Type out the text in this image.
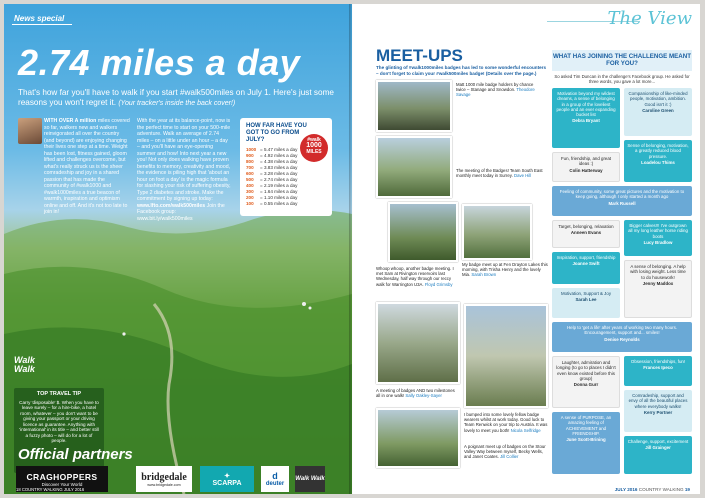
News special
2.74 miles a day
That's how far you'll have to walk if you start #walk500miles on July 1. Here's just some reasons you won't regret it. (Your tracker's inside the back cover!)
WITH OVER A million miles covered so far, walkers new and walkers reinvigorated all over the country (and beyond) are enjoying changing their lives one step at a time. Weight has been lost, fitness gained, gloom lifted and challenges overcome, but what's really struck us is the sheer comradeship and joy in a shared passion that has made the community of #walk1000 and #walk1000miles a true beacon of warmth, inspiration and optimism online and off. And it's not too late to join in!
With the year at its balance-point, now is the perfect time to start on your 500-mile adventure. Walk an average of 2.74 miles – on a little under an hour – a day – and you'll have an eye-opening summer and how! Into next year a new you! Not only does walking have proven benefits to memory, creativity and mood, the evidence is piling high that 'about an hour on foot a day' is the magic formula for slashing your risk of suffering obesity, Type 2 diabetes and stroke. Make the commitment by signing up today: www.lfto.com/walk500miles Join the Facebook group: www.bit.ly/walk500miles
HOW FAR HAVE YOU GOT TO GO FROM JULY?	#walk
1000
MILES
1000 = 5.47 miles a day
900 = 4.92 miles a day
800 = 4.38 miles a day
700 = 3.83 miles a day
600 = 3.28 miles a day
500 = 2.74 miles a day
400 = 2.19 miles a day
300 = 1.64 miles a day
200 = 1.10 miles a day
100 = 0.55 miles a day
Walk Walk
TOP TRAVEL TIP
Carry 'disposable' $. When you have to leave surely – for a hire-bike, a hotel room, whatever – you don't want to be giving your passport or your driving licence as guarantee. Anything with 'international' in its title – and better still a fuzzy photo – will do for a lot of people.
Official partners
CRAGHOPPERS
Discover Your World
bridgedale
www.bridgedale.com
✦
SCARPA
d
deuter
Walk Walk
18 COUNTRY WALKING JULY 2016
The View
MEET-UPS
The glinting of #walk1000miles badges has led to some wonderful encounters – don't forget to claim your #walk500miles badge! (Details over the page.)
Matt 1000 mile badge holders by chance twice – Stanage and Snowdon. Theodore Savage
The meeting of the Badges! Team South East monthly meet today in Surrey. Dave Hill
My badge meet up at Fen Drayton Lakes this morning, with Trisha Henry and the lovely Mia. Sarah Brown
Whoop whoop, another badge meeting. I met Sam at Rivington reservoirs last Wednesday, half way through our reccy walk for Warrington U3A. Floyd Grimsby
A meeting of badges AND two milestones all in one walk! Sally Oakley-Sayer
I bumped into some lovely fellow badge wearers whilst at work today. Good luck to Team Renwick on your trip to Austria. It was lovely to meet you both! Nicola Selfridge
A poignant meet up of badges on the Stour Valley Way between myself, Becky Wells, and Janet Coates. Jill Collier
WHAT HAS JOINING THE CHALLENGE MEANT FOR YOU?
So asked Tim Duncan in the challenge's Facebook group. He asked for three words, you gave a lot more...
Motivation beyond my wildest dreams, a sense of belonging in a group of the loveliest people and an ever expanding bucket list
Debra Bryant
Companionship of like-minded people, motivation, ambition. Good isn't it :)
Caroline Green
Fun, friendship, and great ideas :)
Colin Hatterway
Sense of belonging, motivation, a greatly reduced blood pressure.
Loadelou Thims
Feeling of community, some great pictures and the motivation to keep going, although I only started a month ago
Mark Russell
Target, belonging, relaxation
Anneen Evans
Bigger calves!!! I've outgrown all my long leather horse riding boots
Lucy Bradlow
Inspiration, support, friendship
Joanne Swift
Motivation, Support & Joy
Sarah Lee
A sense of belonging. A help with losing weight. Less time to do housework!
Jenny Maddox
Help to 'get a life' after years of working two many hours. Encouragement, support and... smiles!
Denise Reynolds
Laughter, admiration and longing (to go to places I didn't even know existed before this group)
Donna Gurr
Obsession, friendships, fun!
Frances Ipeco
Comradeship, support and envy of all the beautiful places where everybody walks!
Kerry Portner
A sense of PURPOSE, an amazing feeling of ACHIEVEMENT and FRIENDSHIP.
June Scott-Brining	Challenge, support, excitement
Jill Grainger
JULY 2016 COUNTRY WALKING 19
